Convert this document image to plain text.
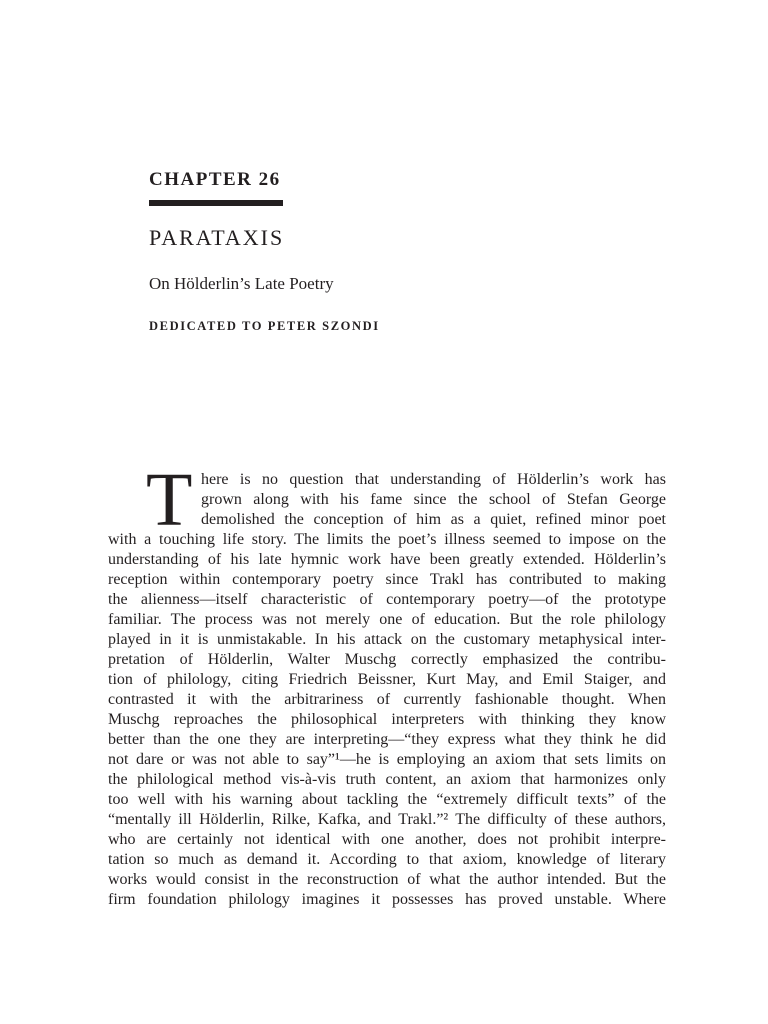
CHAPTER 26
PARATAXIS
On Hölderlin’s Late Poetry
DEDICATED TO PETER SZONDI
T here is no question that understanding of Hölderlin’s work has
grown along with his fame since the school of Stefan George
demolished the conception of him as a quiet, refined minor poet
with a touching life story. The limits the poet’s illness seemed to impose on the
understanding of his late hymnic work have been greatly extended. Hölderlin’s
reception within contemporary poetry since Trakl has contributed to making
the alienness—itself characteristic of contemporary poetry—of the prototype
familiar. The process was not merely one of education. But the role philology
played in it is unmistakable. In his attack on the customary metaphysical inter-
pretation of Hölderlin, Walter Muschg correctly emphasized the contribu-
tion of philology, citing Friedrich Beissner, Kurt May, and Emil Staiger, and
contrasted it with the arbitrariness of currently fashionable thought. When
Muschg reproaches the philosophical interpreters with thinking they know
better than the one they are interpreting—“they express what they think he did
not dare or was not able to say”¹—he is employing an axiom that sets limits on
the philological method vis-à-vis truth content, an axiom that harmonizes only
too well with his warning about tackling the “extremely difficult texts” of the
“mentally ill Hölderlin, Rilke, Kafka, and Trakl.”² The difficulty of these authors,
who are certainly not identical with one another, does not prohibit interpre-
tation so much as demand it. According to that axiom, knowledge of literary
works would consist in the reconstruction of what the author intended. But the
firm foundation philology imagines it possesses has proved unstable. Where
